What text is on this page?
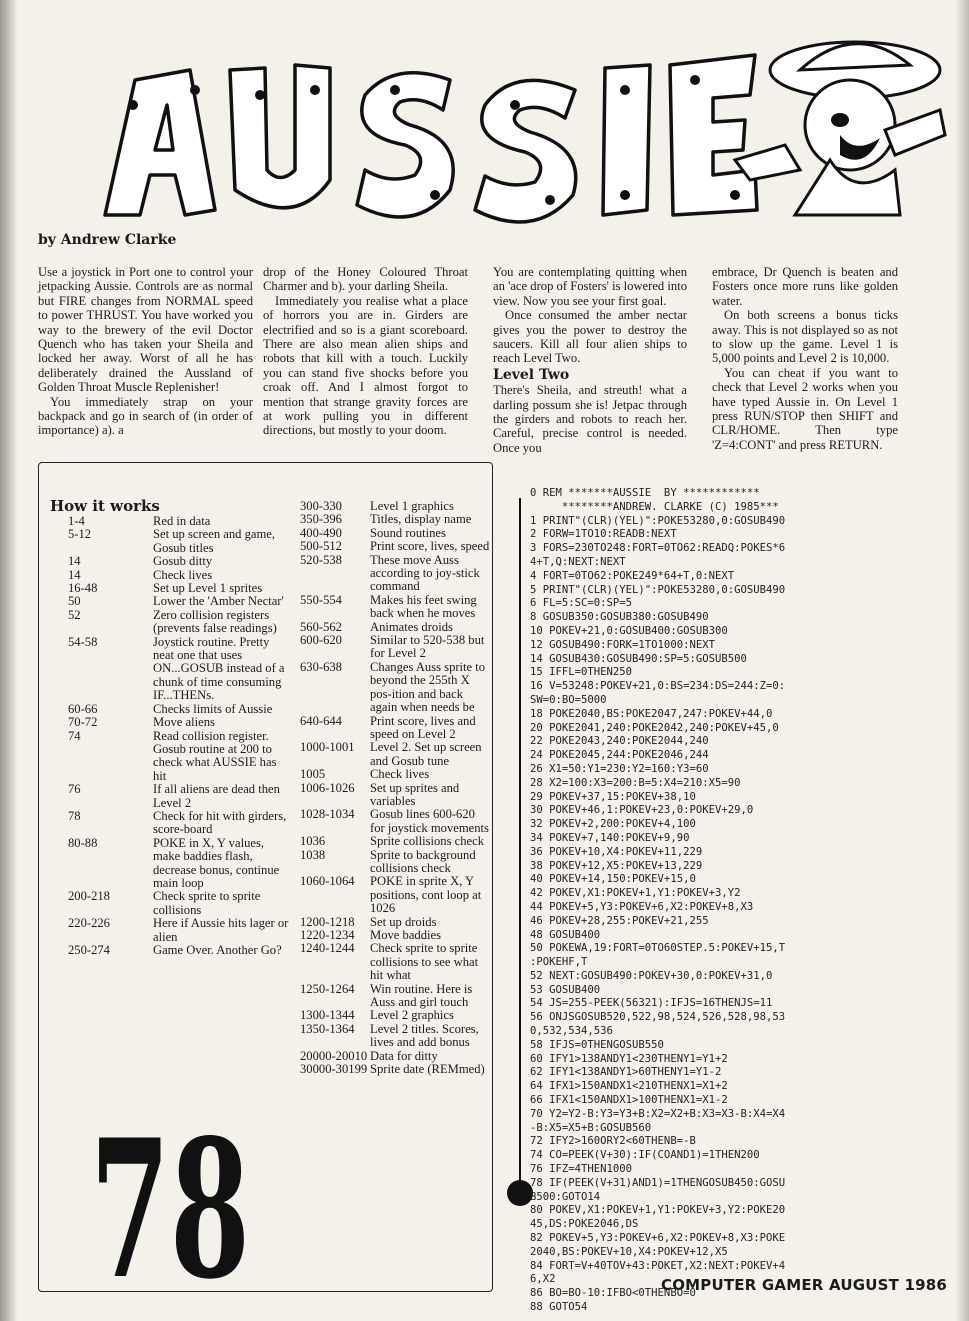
by Andrew Clarke

Use a joystick in Port one to control your jetpacking Aussie. Controls are as normal but FIRE changes from NORMAL speed to power THRUST. You have worked you way to the brewery of the evil Doctor Quench who has taken your Sheila and locked her away. Worst of all he has deliberately drained the Aussland of Golden Throat Muscle Replenisher!

You immediately strap on your backpack and go in search of (in order of importance) a). a

drop of the Honey Coloured Throat Charmer and b). your darling Sheila.

Immediately you realise what a place of horrors you are in. Girders are electrified and so is a giant scoreboard. There are also mean alien ships and robots that kill with a touch. Luckily you can stand five shocks before you croak off. And I almost forgot to mention that strange gravity forces are at work pulling you in different directions, but mostly to your doom.

You are contemplating quitting when an 'ace drop of Fosters' is lowered into view. Now you see your first goal.

Once consumed the amber nectar gives you the power to destroy the saucers. Kill all four alien ships to reach Level Two.

Level Two

There's Sheila, and streuth! what a darling possum she is! Jetpac through the girders and robots to reach her. Careful, precise control is needed. Once you

embrace, Dr Quench is beaten and Fosters once more runs like golden water.

On both screens a bonus ticks away. This is not displayed so as not to slow up the game. Level 1 is 5,000 points and Level 2 is 10,000.

You can cheat if you want to check that Level 2 works when you have typed Aussie in. On Level 1 press RUN/STOP then SHIFT and CLR/HOME. Then type 'Z=4:CONT' and press RETURN.

How it works
1-4	Red in data
5-12	Set up screen and game, Gosub titles
14	Gosub ditty
14	Check lives
16-48	Set up Level 1 sprites
50	Lower the 'Amber Nectar'
52	Zero collision registers (prevents false readings)
54-58	Joystick routine. Pretty neat one that uses ON...GOSUB instead of a chunk of time consuming IF...THENs.
60-66	Checks limits of Aussie
70-72	Move aliens
74	Read collision register. Gosub routine at 200 to check what AUSSIE has hit
76	If all aliens are dead then Level 2
78	Check for hit with girders, score-board
80-88	POKE in X, Y values, make baddies flash, decrease bonus, continue main loop
200-218	Check sprite to sprite collisions
220-226	Here if Aussie hits lager or alien
250-274	Game Over. Another Go?
300-330	Level 1 graphics
350-396	Titles, display name
400-490	Sound routines
500-512	Print score, lives, speed
520-538	These move Auss according to joy-stick command
550-554	Makes his feet swing back when he moves
560-562	Animates droids
600-620	Similar to 520-538 but for Level 2
630-638	Changes Auss sprite to beyond the 255th X pos-ition and back again when needs be
640-644	Print score, lives and speed on Level 2
1000-1001	Level 2. Set up screen and Gosub tune
1005	Check lives
1006-1026	Set up sprites and variables
1028-1034	Gosub lines 600-620 for joystick movements
1036	Sprite collisions check
1038	Sprite to background collisions check
1060-1064	POKE in sprite X, Y positions, cont loop at 1026
1200-1218	Set up droids
1220-1234	Move baddies
1240-1244	Check sprite to sprite collisions to see what hit what
1250-1264	Win routine. Here is Auss and girl touch
1300-1344	Level 2 graphics
1350-1364	Level 2 titles. Scores, lives and add bonus
20000-20010 Data for ditty
30000-30199 Sprite date (REMmed)
78
0 REM *******AUSSIE  BY ************
********ANDREW. CLARKE (C) 1985***
1 PRINT"(CLR)(YEL)":POKE53280,0:GOSUB490
2 FORW=1TO10:READB:NEXT
3 FORS=230TO248:FORT=0TO62:READQ:POKES*6
4+T,Q:NEXT:NEXT
4 FORT=0TO62:POKE249*64+T,0:NEXT
5 PRINT"(CLR)(YEL)":POKE53280,0:GOSUB490
6 FL=5:SC=0:SP=5
8 GOSUB350:GOSUB380:GOSUB490
10 POKEV+21,0:GOSUB400:GOSUB300
12 GOSUB490:FORK=1TO1000:NEXT
14 GOSUB430:GOSUB490:SP=5:GOSUB500
15 IFFL=0THEN250
16 V=53248:POKEV+21,0:BS=234:DS=244:Z=0:
SW=0:BO=5000
18 POKE2040,BS:POKE2047,247:POKEV+44,0
20 POKE2041,240:POKE2042,240:POKEV+45,0
22 POKE2043,240:POKE2044,240
24 POKE2045,244:POKE2046,244
26 X1=50:Y1=230:Y2=160:Y3=60
28 X2=100:X3=200:B=5:X4=210:X5=90
29 POKEV+37,15:POKEV+38,10
30 POKEV+46,1:POKEV+23,0:POKEV+29,0
32 POKEV+2,200:POKEV+4,100
34 POKEV+7,140:POKEV+9,90
36 POKEV+10,X4:POKEV+11,229
38 POKEV+12,X5:POKEV+13,229
40 POKEV+14,150:POKEV+15,0
42 POKEV,X1:POKEV+1,Y1:POKEV+3,Y2
44 POKEV+5,Y3:POKEV+6,X2:POKEV+8,X3
46 POKEV+28,255:POKEV+21,255
48 GOSUB400
50 POKEWA,19:FORT=0TO60STEP.5:POKEV+15,T
:POKEHF,T
52 NEXT:GOSUB490:POKEV+30,0:POKEV+31,0
53 GOSUB400
54 JS=255-PEEK(56321):IFJS=16THENJS=11
56 ONJSGOSUB520,522,98,524,526,528,98,53
0,532,534,536
58 IFJS=0THENGOSUB550
60 IFY1>138ANDY1<230THENY1=Y1+2
62 IFY1<138ANDY1>60THENY1=Y1-2
64 IFX1>150ANDX1<210THENX1=X1+2
66 IFX1<150ANDX1>100THENX1=X1-2
70 Y2=Y2-B:Y3=Y3+B:X2=X2+B:X3=X3-B:X4=X4
-B:X5=X5+B:GOSUB560
72 IFY2>160ORY2<60THENB=-B
74 CO=PEEK(V+30):IF(COAND1)=1THEN200
76 IFZ=4THEN1000
78 IF(PEEK(V+31)AND1)=1THENGOSUB450:GOSU
B500:GOTO14
80 POKEV,X1:POKEV+1,Y1:POKEV+3,Y2:POKE20
45,DS:POKE2046,DS
82 POKEV+5,Y3:POKEV+6,X2:POKEV+8,X3:POKE
2040,BS:POKEV+10,X4:POKEV+12,X5
84 FORT=V+40TOV+43:POKET,X2:NEXT:POKEV+4
6,X2
86 BO=BO-10:IFBO<0THENBO=0
88 GOTO54
COMPUTER GAMER AUGUST 1986
